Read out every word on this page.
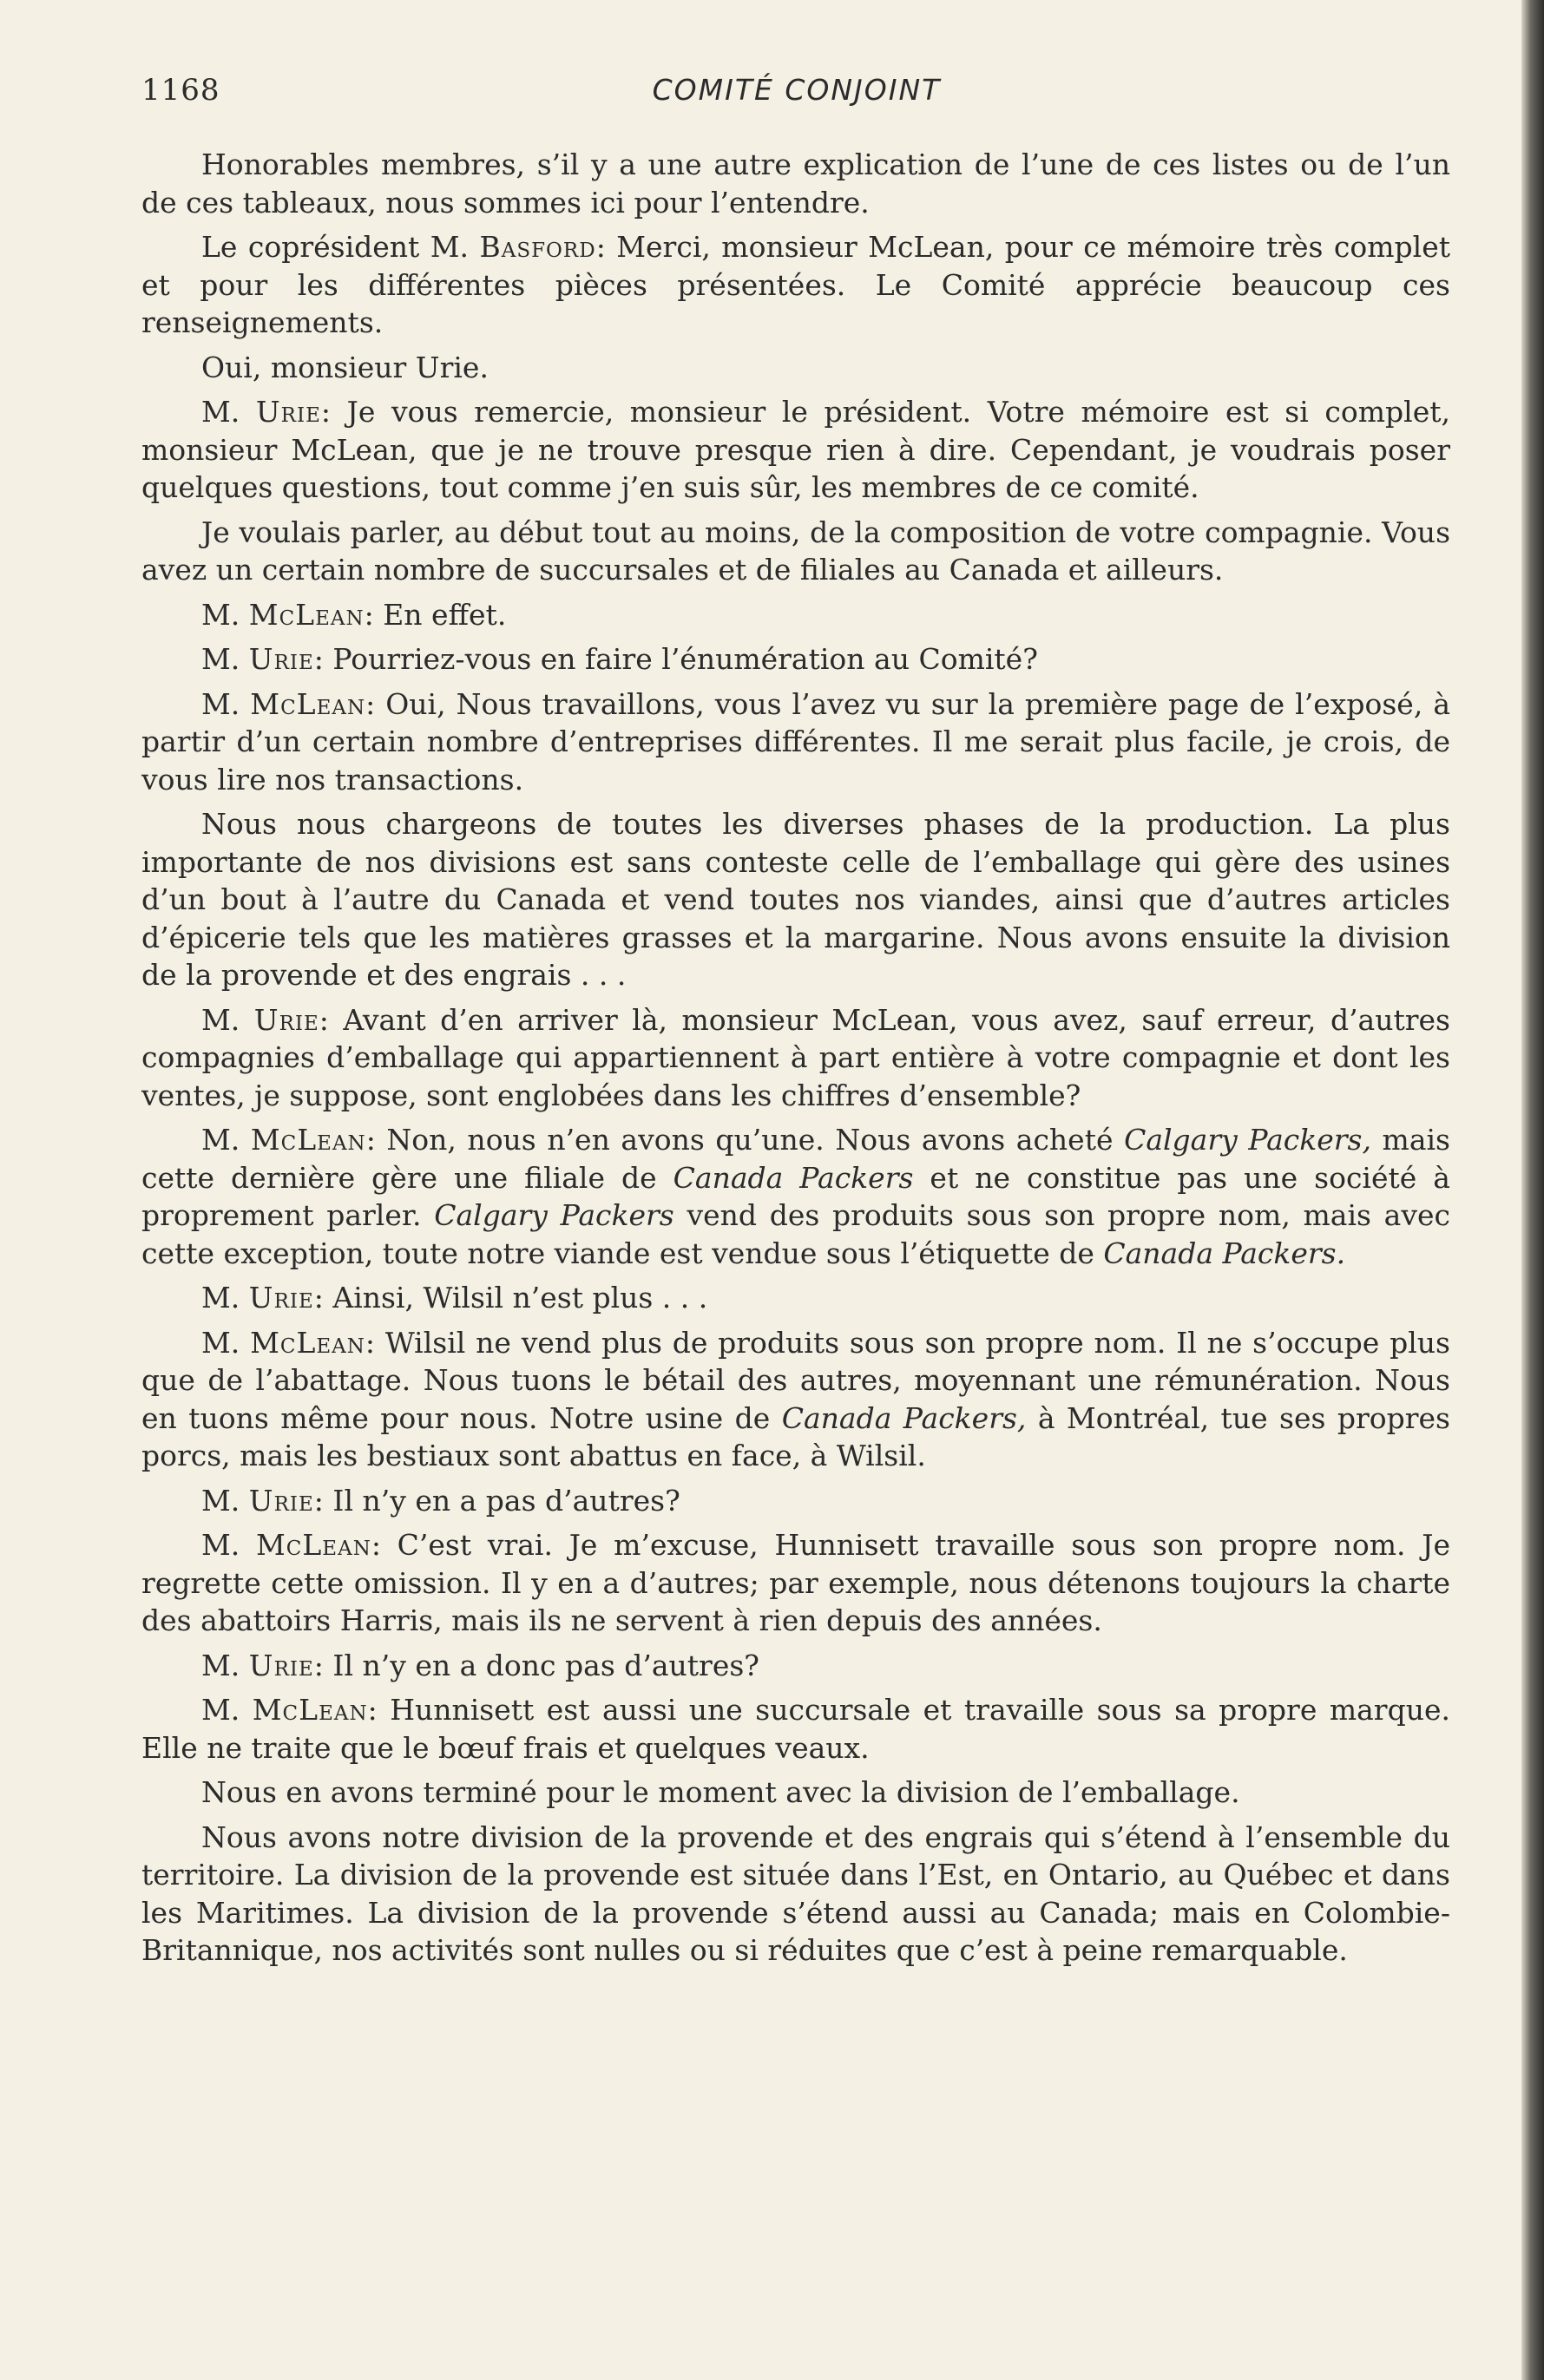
1168	COMITÉ CONJOINT

Honorables membres, s’il y a une autre explication de l’une de ces listes ou de l’un de ces tableaux, nous sommes ici pour l’entendre.

Le coprésident M. Basford: Merci, monsieur McLean, pour ce mémoire très complet et pour les différentes pièces présentées. Le Comité apprécie beaucoup ces renseignements.

Oui, monsieur Urie.

M. Urie: Je vous remercie, monsieur le président. Votre mémoire est si complet, monsieur McLean, que je ne trouve presque rien à dire. Cependant, je voudrais poser quelques questions, tout comme j’en suis sûr, les membres de ce comité.

Je voulais parler, au début tout au moins, de la composition de votre compagnie. Vous avez un certain nombre de succursales et de filiales au Canada et ailleurs.

M. McLean: En effet.

M. Urie: Pourriez-vous en faire l’énumération au Comité?

M. McLean: Oui, Nous travaillons, vous l’avez vu sur la première page de l’exposé, à partir d’un certain nombre d’entreprises différentes. Il me serait plus facile, je crois, de vous lire nos transactions.

Nous nous chargeons de toutes les diverses phases de la production. La plus importante de nos divisions est sans conteste celle de l’emballage qui gère des usines d’un bout à l’autre du Canada et vend toutes nos viandes, ainsi que d’autres articles d’épicerie tels que les matières grasses et la margarine. Nous avons ensuite la division de la provende et des engrais . . .

M. Urie: Avant d’en arriver là, monsieur McLean, vous avez, sauf erreur, d’autres compagnies d’emballage qui appartiennent à part entière à votre compagnie et dont les ventes, je suppose, sont englobées dans les chiffres d’ensemble?

M. McLean: Non, nous n’en avons qu’une. Nous avons acheté Calgary Packers, mais cette dernière gère une filiale de Canada Packers et ne constitue pas une société à proprement parler. Calgary Packers vend des produits sous son propre nom, mais avec cette exception, toute notre viande est vendue sous l’étiquette de Canada Packers.

M. Urie: Ainsi, Wilsil n’est plus . . .

M. McLean: Wilsil ne vend plus de produits sous son propre nom. Il ne s’occupe plus que de l’abattage. Nous tuons le bétail des autres, moyennant une rémunération. Nous en tuons même pour nous. Notre usine de Canada Packers, à Montréal, tue ses propres porcs, mais les bestiaux sont abattus en face, à Wilsil.

M. Urie: Il n’y en a pas d’autres?

M. McLean: C’est vrai. Je m’excuse, Hunnisett travaille sous son propre nom. Je regrette cette omission. Il y en a d’autres; par exemple, nous détenons toujours la charte des abattoirs Harris, mais ils ne servent à rien depuis des années.

M. Urie: Il n’y en a donc pas d’autres?

M. McLean: Hunnisett est aussi une succursale et travaille sous sa propre marque. Elle ne traite que le bœuf frais et quelques veaux.

Nous en avons terminé pour le moment avec la division de l’emballage.

Nous avons notre division de la provende et des engrais qui s’étend à l’ensemble du territoire. La division de la provende est située dans l’Est, en Ontario, au Québec et dans les Maritimes. La division de la provende s’étend aussi au Canada; mais en Colombie-Britannique, nos activités sont nulles ou si réduites que c’est à peine remarquable.
